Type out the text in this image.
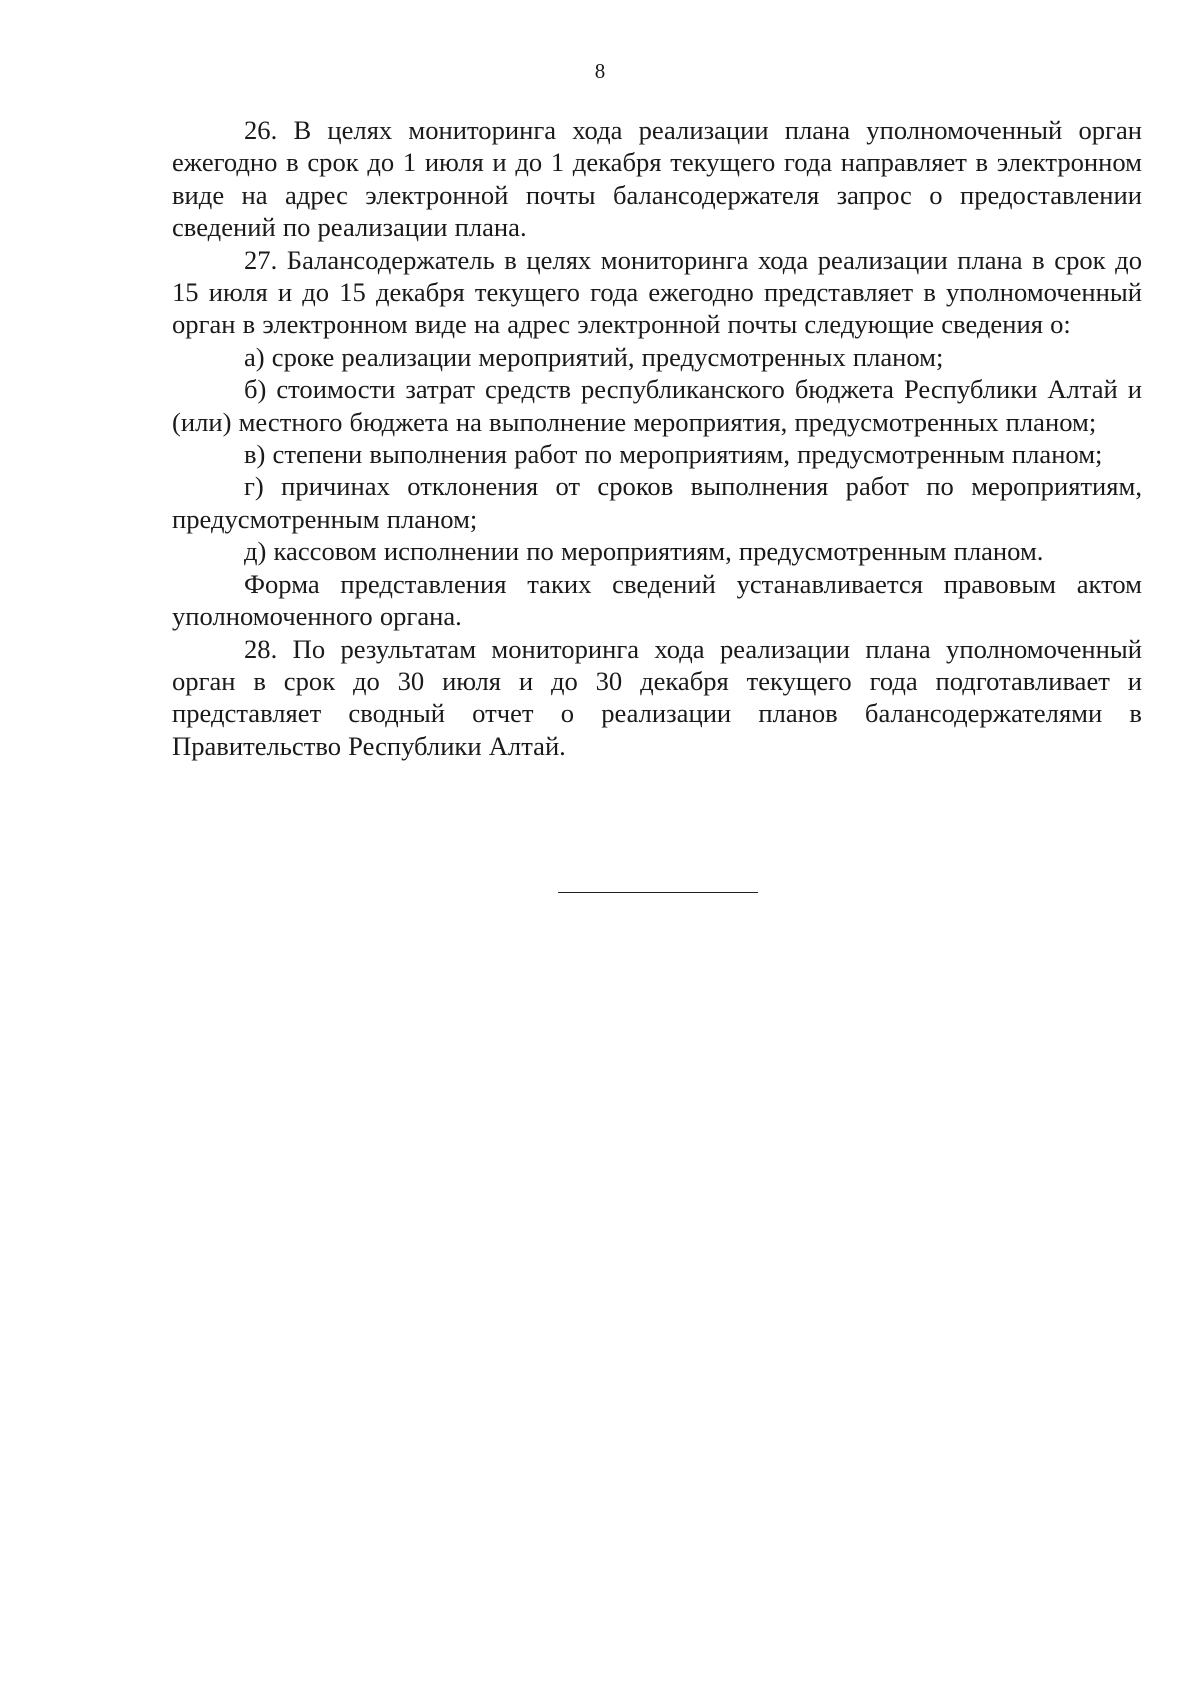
8

26. В целях мониторинга хода реализации плана уполномоченный орган ежегодно в срок до 1 июля и до 1 декабря текущего года направляет в электронном виде на адрес электронной почты балансодержателя запрос о предоставлении сведений по реализации плана.

27. Балансодержатель в целях мониторинга хода реализации плана в срок до 15 июля и до 15 декабря текущего года ежегодно представляет в уполномоченный орган в электронном виде на адрес электронной почты следующие сведения о:

а) сроке реализации мероприятий, предусмотренных планом;

б) стоимости затрат средств республиканского бюджета Республики Алтай и (или) местного бюджета на выполнение мероприятия, предусмотренных планом;

в) степени выполнения работ по мероприятиям, предусмотренным планом;

г) причинах отклонения от сроков выполнения работ по мероприятиям, предусмотренным планом;

д) кассовом исполнении по мероприятиям, предусмотренным планом.

Форма представления таких сведений устанавливается правовым актом уполномоченного органа.

28. По результатам мониторинга хода реализации плана уполномоченный орган в срок до 30 июля и до 30 декабря текущего года подготавливает и представляет сводный отчет о реализации планов балансодержателями в Правительство Республики Алтай.
